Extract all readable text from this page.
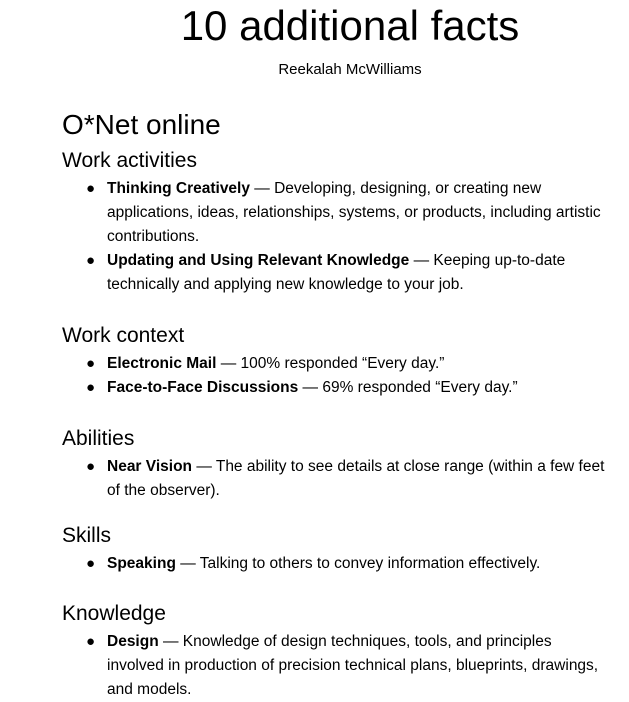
10 additional facts
Reekalah McWilliams
O*Net online
Work activities
● Thinking Creatively — Developing, designing, or creating new applications, ideas, relationships, systems, or products, including artistic contributions.
● Updating and Using Relevant Knowledge — Keeping up-to-date technically and applying new knowledge to your job.
Work context
● Electronic Mail — 100% responded “Every day.”
● Face-to-Face Discussions — 69% responded “Every day.”
Abilities
● Near Vision — The ability to see details at close range (within a few feet of the observer).
Skills
● Speaking — Talking to others to convey information effectively.
Knowledge
● Design — Knowledge of design techniques, tools, and principles involved in production of precision technical plans, blueprints, drawings, and models.
